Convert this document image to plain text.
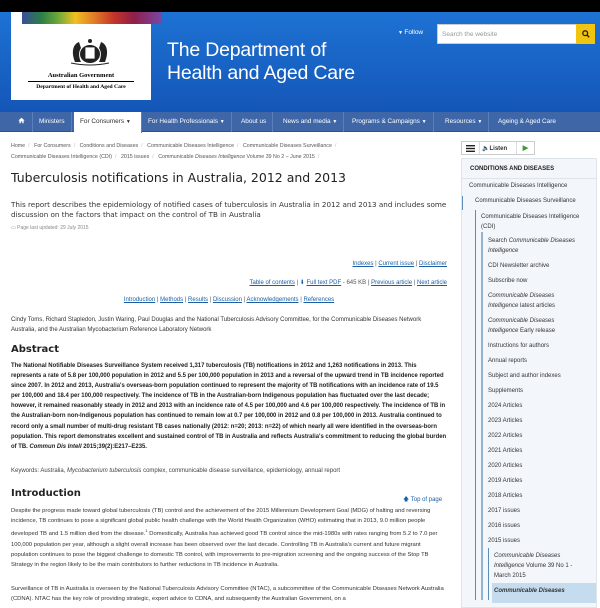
Australian Government
Department of Health and Aged Care
The Department of
Health and Aged Care
▼ Follow	Search the website
Ministers	For Consumers ▼	For Health Professionals ▼	About us	News and media ▼	Programs & Campaigns ▼	Resources ▼	Ageing & Aged Care
Home / For Consumers / Conditions and Diseases / Communicable Diseases Intelligence / Communicable Diseases Surveillance /
Communicable Diseases Intelligence (CDI) / 2015 issues / Communicable Diseases Intelligence Volume 39 No 2 – June 2015 /
Tuberculosis notifications in Australia, 2012 and 2013

This report describes the epidemiology of notified cases of tuberculosis in Australia in 2012 and 2013 and includes some discussion on the factors that impact on the control of TB in Australia

▭ Page last updated: 29 July 2015
Indexes | Current issue | Disclaimer
Table of contents | ⬇ Full text PDF - 645 KB | Previous article | Next article
Introduction | Methods | Results | Discussion | Acknowledgements | References

Cindy Toms, Richard Stapledon, Justin Waring, Paul Douglas and the National Tuberculosis Advisory Committee, for the Communicable Diseases Network Australia, and the Australian Mycobacterium Reference Laboratory Network

Abstract

The National Notifiable Diseases Surveillance System received 1,317 tuberculosis (TB) notifications in 2012 and 1,263 notifications in 2013. This represents a rate of 5.8 per 100,000 population in 2012 and 5.5 per 100,000 population in 2013 and a reversal of the upward trend in TB incidence reported since 2007. In 2012 and 2013, Australia's overseas-born population continued to represent the majority of TB notifications with an incidence rate of 19.5 per 100,000 and 18.4 per 100,000 respectively. The incidence of TB in the Australian-born Indigenous population has fluctuated over the last decade; however, it remained reasonably steady in 2012 and 2013 with an incidence rate of 4.5 per 100,000 and 4.6 per 100,000 respectively. The incidence of TB in the Australian-born non-Indigenous population has continued to remain low at 0.7 per 100,000 in 2012 and 0.8 per 100,000 in 2013. Australia continued to record only a small number of multi-drug resistant TB cases nationally (2012: n=20; 2013: n=22) of which nearly all were identified in the overseas-born population. This report demonstrates excellent and sustained control of TB in Australia and reflects Australia's commitment to reducing the global burden of TB. Commun Dis Intell 2015;39(2):E217–E235.

Keywords: Australia, Mycobacterium tuberculosis complex, communicable disease surveillance, epidemiology, annual report

Introduction
🡅 Top of page

Despite the progress made toward global tuberculosis (TB) control and the achievement of the 2015 Millennium Development Goal (MDG) of halting and reversing incidence, TB continues to pose a significant global public health challenge with the World Health Organization (WHO) estimating that in 2013, 9.0 million people developed TB and 1.5 million died from the disease.$^1$ Domestically, Australia has achieved good TB control since the mid-1980s with rates ranging from 5.2 to 7.0 per 100,000 population per year, although a slight overall increase has been observed over the last decade. Controlling TB in Australia's current and future migrant population continues to pose the biggest challenge to domestic TB control, with improvements to pre-migration screening and the ongoing success of the Stop TB Strategy in the region likely to be the main contributors to further reductions in TB incidence in Australia.

Surveillance of TB in Australia is overseen by the National Tuberculosis Advisory Committee (NTAC), a subcommittee of the Communicable Diseases Network Australia (CDNA). NTAC has the key role of providing strategic, expert advice to CDNA, and subsequently the Australian Government, on a

🔈Listen	▶
CONDITIONS AND DISEASES
Communicable Diseases Intelligence
Communicable Diseases Surveillance
Communicable Diseases Intelligence (CDI)
Search Communicable Diseases Intelligence
CDI Newsletter archive
Subscribe now
Communicable Diseases Intelligence latest articles
Communicable Diseases Intelligence Early release
Instructions for authors
Annual reports
Subject and author indexes
Supplements
2024 Articles
2023 Articles
2022 Articles
2021 Articles
2020 Articles
2019 Articles
2018 Articles
2017 issues
2016 issues
2015 issues
Communicable Diseases Intelligence Volume 39 No 1 - March 2015
Communicable Diseases
